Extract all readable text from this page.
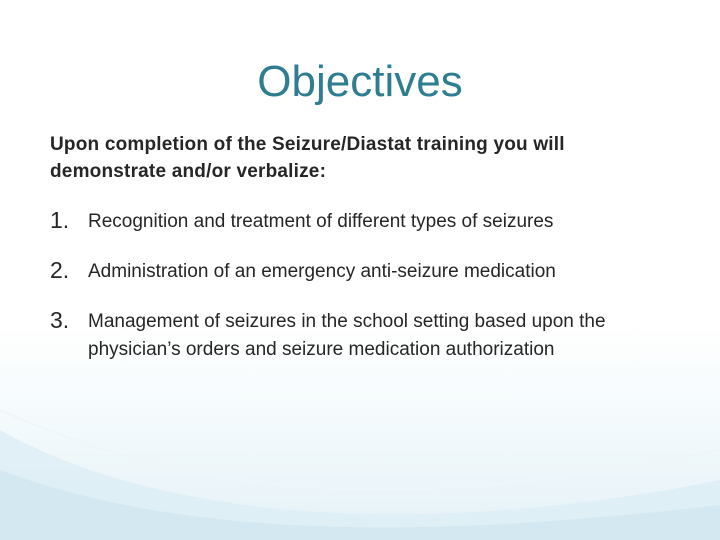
Objectives

Upon completion of the Seizure/Diastat training you will demonstrate and/or verbalize:

1. Recognition and treatment of different types of seizures
2. Administration of an emergency anti-seizure medication
3. Management of seizures in the school setting based upon the physician’s orders and seizure medication authorization
